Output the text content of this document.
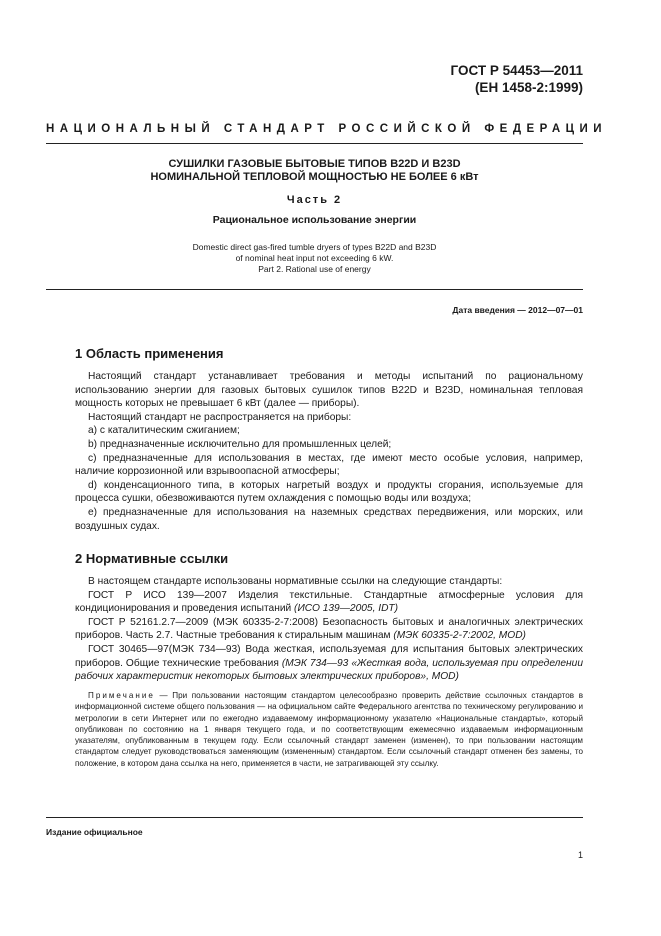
ГОСТ Р 54453—2011
(ЕН 1458-2:1999)
НАЦИОНАЛЬНЫЙ СТАНДАРТ РОССИЙСКОЙ ФЕДЕРАЦИИ
СУШИЛКИ ГАЗОВЫЕ БЫТОВЫЕ ТИПОВ В22D И В23D
НОМИНАЛЬНОЙ ТЕПЛОВОЙ МОЩНОСТЬЮ НЕ БОЛЕЕ 6 кВт
Часть 2
Рациональное использование энергии
Domestic direct gas-fired tumble dryers of types B22D and B23D
of nominal heat input not exceeding 6 kW.
Part 2. Rational use of energy
Дата введения — 2012—07—01
1 Область применения

Настоящий стандарт устанавливает требования и методы испытаний по рациональному использованию энергии для газовых бытовых сушилок типов В22D и В23D, номинальная тепловая мощность которых не превышает 6 кВт (далее — приборы).

Настоящий стандарт не распространяется на приборы:

a) с каталитическим сжиганием;

b) предназначенные исключительно для промышленных целей;

c) предназначенные для использования в местах, где имеют место особые условия, например, наличие коррозионной или взрывоопасной атмосферы;

d) конденсационного типа, в которых нагретый воздух и продукты сгорания, используемые для процесса сушки, обезвоживаются путем охлаждения с помощью воды или воздуха;

e) предназначенные для использования на наземных средствах передвижения, или морских, или воздушных судах.

2 Нормативные ссылки

В настоящем стандарте использованы нормативные ссылки на следующие стандарты:

ГОСТ Р ИСО 139—2007 Изделия текстильные. Стандартные атмосферные условия для кондиционирования и проведения испытаний (ИСО 139—2005, IDT)

ГОСТ Р 52161.2.7—2009 (МЭК 60335-2-7:2008) Безопасность бытовых и аналогичных электрических приборов. Часть 2.7. Частные требования к стиральным машинам (МЭК 60335-2-7:2002, MOD)

ГОСТ 30465—97(МЭК 734—93) Вода жесткая, используемая для испытания бытовых электрических приборов. Общие технические требования (МЭК 734—93 «Жесткая вода, используемая при определении рабочих характеристик некоторых бытовых электрических приборов», MOD)

Примечание — При пользовании настоящим стандартом целесообразно проверить действие ссылочных стандартов в информационной системе общего пользования — на официальном сайте Федерального агентства по техническому регулированию и метрологии в сети Интернет или по ежегодно издаваемому информационному указателю «Национальные стандарты», который опубликован по состоянию на 1 января текущего года, и по соответствующим ежемесячно издаваемым информационным указателям, опубликованным в текущем году. Если ссылочный стандарт заменен (изменен), то при пользовании настоящим стандартом следует руководствоваться заменяющим (измененным) стандартом. Если ссылочный стандарт отменен без замены, то положение, в котором дана ссылка на него, применяется в части, не затрагивающей эту ссылку.

Издание официальное
1
